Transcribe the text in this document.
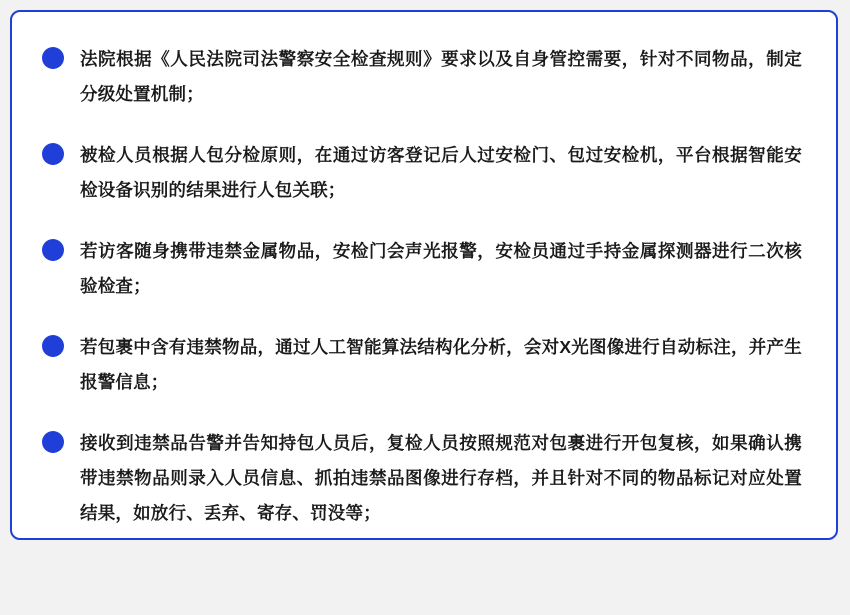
法院根据《人民法院司法警察安全检查规则》要求以及自身管控需要，针对不同物品，制定分级处置机制；
被检人员根据人包分检原则，在通过访客登记后人过安检门、包过安检机，平台根据智能安检设备识别的结果进行人包关联；
若访客随身携带违禁金属物品，安检门会声光报警，安检员通过手持金属探测器进行二次核验检查；
若包裹中含有违禁物品，通过人工智能算法结构化分析，会对X光图像进行自动标注，并产生报警信息；
接收到违禁品告警并告知持包人员后，复检人员按照规范对包裹进行开包复核，如果确认携带违禁物品则录入人员信息、抓拍违禁品图像进行存档，并且针对不同的物品标记对应处置结果，如放行、丢弃、寄存、罚没等；
